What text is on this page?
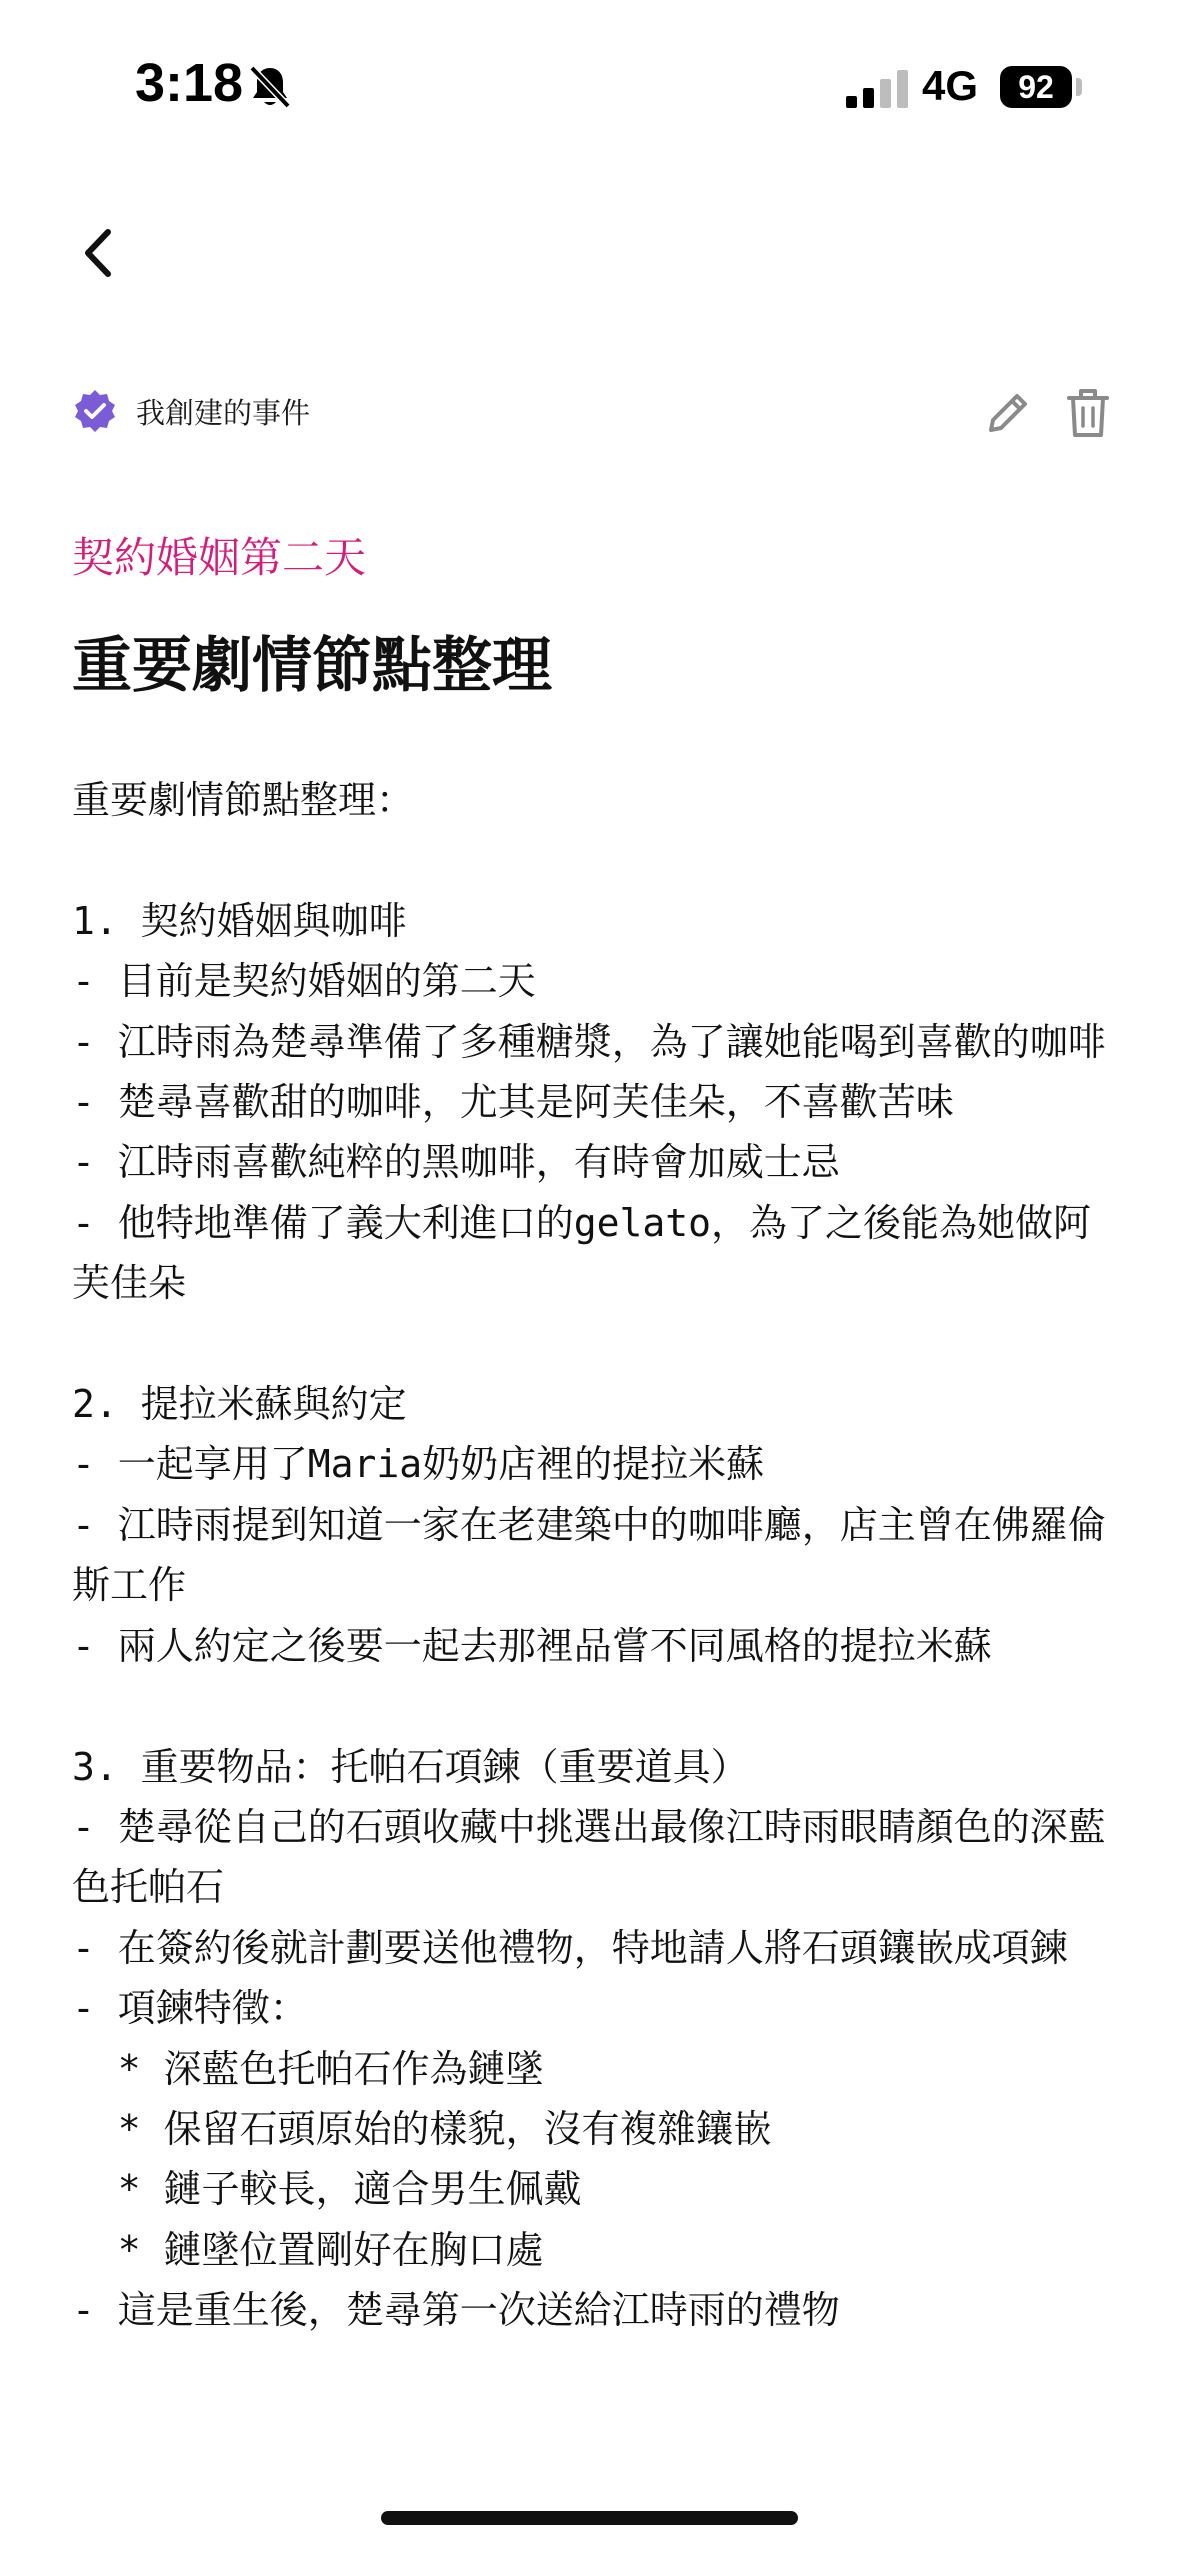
3:18	4G	92
我創建的事件
契約婚姻第二天
重要劇情節點整理
重要劇情節點整理：

1. 契約婚姻與咖啡
- 目前是契約婚姻的第二天
- 江時雨為楚尋準備了多種糖漿，為了讓她能喝到喜歡的咖啡
- 楚尋喜歡甜的咖啡，尤其是阿芙佳朵，不喜歡苦味
- 江時雨喜歡純粹的黑咖啡，有時會加威士忌
- 他特地準備了義大利進口的gelato，為了之後能為她做阿芙佳朵

2. 提拉米蘇與約定
- 一起享用了Maria奶奶店裡的提拉米蘇
- 江時雨提到知道一家在老建築中的咖啡廳，店主曾在佛羅倫斯工作
- 兩人約定之後要一起去那裡品嘗不同風格的提拉米蘇

3. 重要物品：托帕石項鍊（重要道具）
- 楚尋從自己的石頭收藏中挑選出最像江時雨眼睛顏色的深藍色托帕石
- 在簽約後就計劃要送他禮物，特地請人將石頭鑲嵌成項鍊
- 項鍊特徵：
* 深藍色托帕石作為鏈墜
* 保留石頭原始的樣貌，沒有複雜鑲嵌
* 鏈子較長，適合男生佩戴
* 鏈墜位置剛好在胸口處
- 這是重生後，楚尋第一次送給江時雨的禮物
